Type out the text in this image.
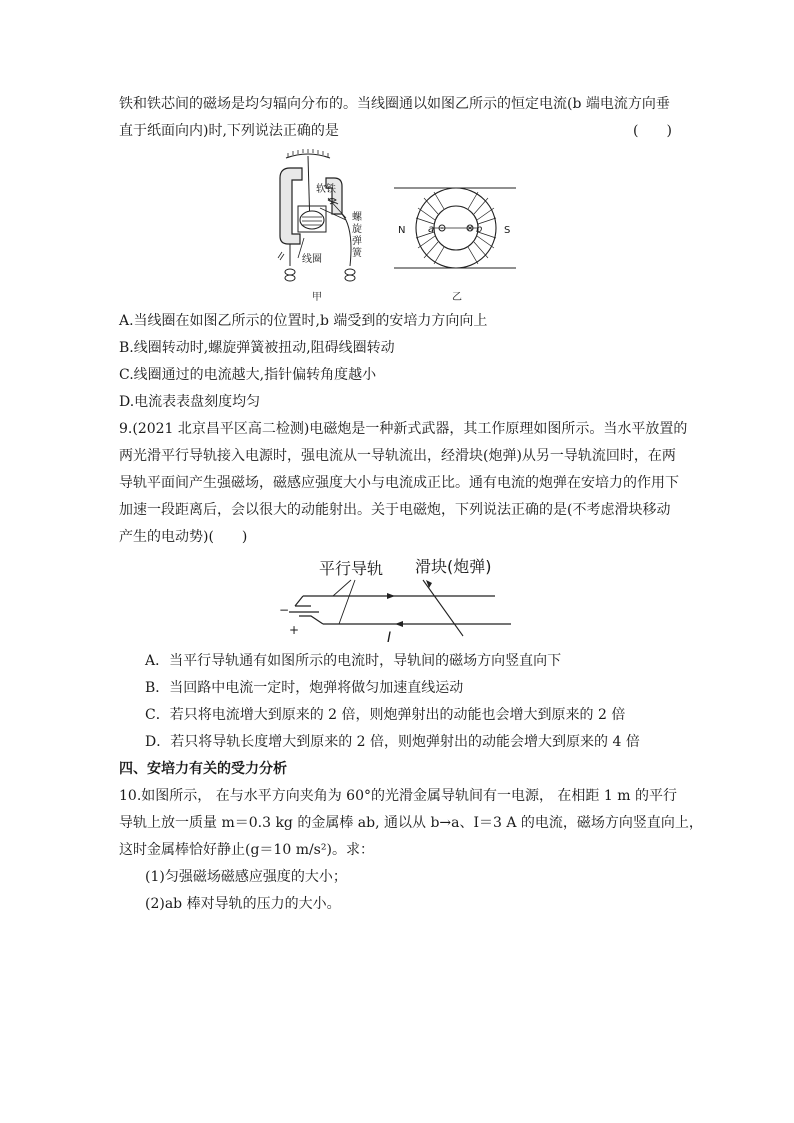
铁和铁芯间的磁场是均匀辐向分布的。当线圈通以如图乙所示的恒定电流(b 端电流方向垂
直于纸面向内)时,下列说法正确的是	(　　)
软铁
螺
旋
弹
簧
线圈
甲
N	S
a	b
乙
A.当线圈在如图乙所示的位置时,b 端受到的安培力方向向上
B.线圈转动时,螺旋弹簧被扭动,阻碍线圈转动
C.线圈通过的电流越大,指针偏转角度越小
D.电流表表盘刻度均匀
9.(2021 北京昌平区高二检测)电磁炮是一种新式武器，其工作原理如图所示。当水平放置的
两光滑平行导轨接入电源时，强电流从一导轨流出，经滑块(炮弹)从另一导轨流回时，在两
导轨平面间产生强磁场，磁感应强度大小与电流成正比。通有电流的炮弹在安培力的作用下
加速一段距离后，会以很大的动能射出。关于电磁炮，下列说法正确的是(不考虑滑块移动
产生的电动势)(　　)
平行导轨 滑块(炮弹)
−
+	I
A．当平行导轨通有如图所示的电流时，导轨间的磁场方向竖直向下
B．当回路中电流一定时，炮弹将做匀加速直线运动
C．若只将电流增大到原来的 2 倍，则炮弹射出的动能也会增大到原来的 2 倍
D．若只将导轨长度增大到原来的 2 倍，则炮弹射出的动能会增大到原来的 4 倍
四、安培力有关的受力分析
10.如图所示， 在与水平方向夹角为 60°的光滑金属导轨间有一电源， 在相距 1 m 的平行
导轨上放一质量 m＝0.3 kg 的金属棒 ab, 通以从 b→a、I＝3 A 的电流，磁场方向竖直向上，
这时金属棒恰好静止(g＝10 m/s²)。求：
(1)匀强磁场磁感应强度的大小；
(2)ab 棒对导轨的压力的大小。
